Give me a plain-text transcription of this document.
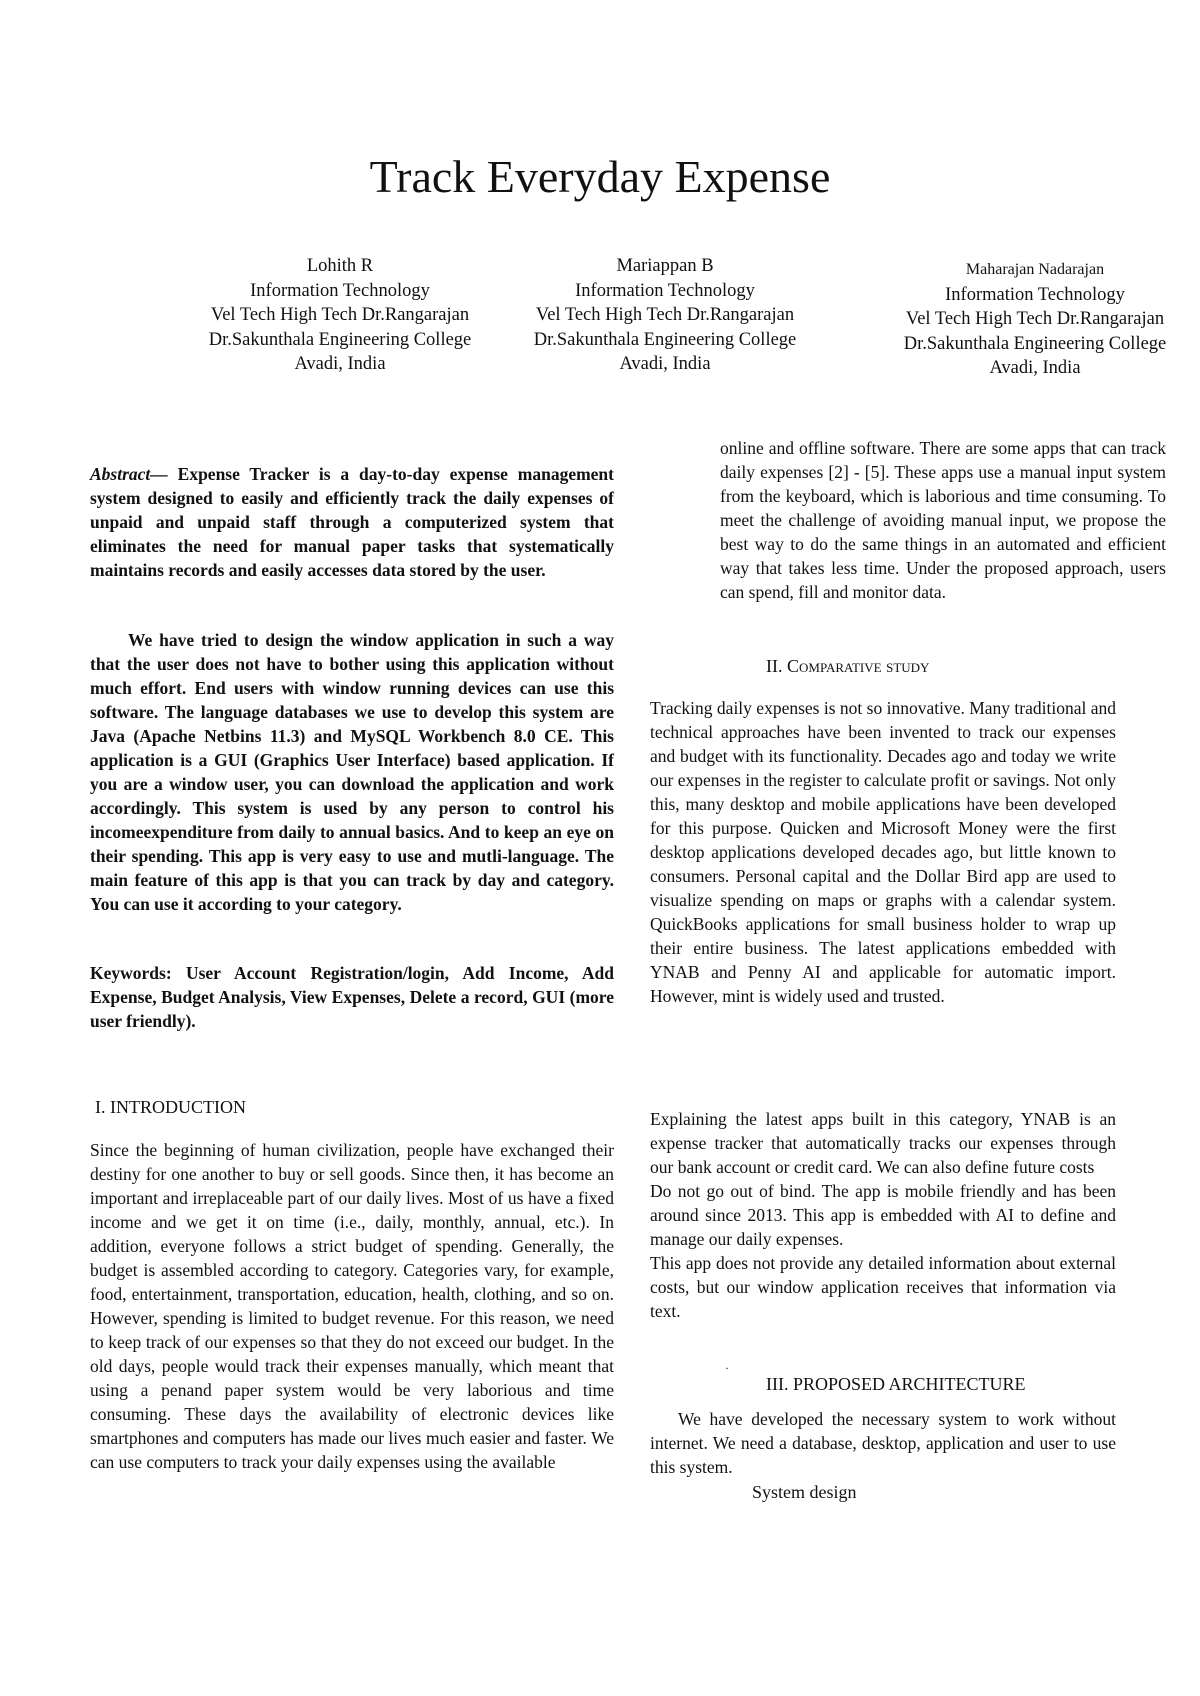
Track Everyday Expense
Lohith R
Information Technology
Vel Tech High Tech Dr.Rangarajan
Dr.Sakunthala Engineering College
Avadi, India
Mariappan B
Information Technology
Vel Tech High Tech Dr.Rangarajan
Dr.Sakunthala Engineering College
Avadi, India
Maharajan Nadarajan
Information Technology
Vel Tech High Tech Dr.Rangarajan
Dr.Sakunthala Engineering College
Avadi, India

Abstract— Expense Tracker is a day-to-day expense management system designed to easily and efficiently track the daily expenses of unpaid and unpaid staff through a computerized system that eliminates the need for manual paper tasks that systematically maintains records and easily accesses data stored by the user.

We have tried to design the window application in such a way that the user does not have to bother using this application without much effort. End users with window running devices can use this software. The language databases we use to develop this system are Java (Apache Netbins 11.3) and MySQL Workbench 8.0 CE. This application is a GUI (Graphics User Interface) based application. If you are a window user, you can download the application and work accordingly. This system is used by any person to control his incomeexpenditure from daily to annual basics. And to keep an eye on their spending. This app is very easy to use and mutli-language. The main feature of this app is that you can track by day and category. You can use it according to your category.

Keywords: User Account Registration/login, Add Income, Add Expense, Budget Analysis, View Expenses, Delete a record, GUI (more user friendly).

I. INTRODUCTION

Since the beginning of human civilization, people have exchanged their destiny for one another to buy or sell goods. Since then, it has become an important and irreplaceable part of our daily lives. Most of us have a fixed income and we get it on time (i.e., daily, monthly, annual, etc.). In addition, everyone follows a strict budget of spending. Generally, the budget is assembled according to category. Categories vary, for example, food, entertainment, transportation, education, health, clothing, and so on. However, spending is limited to budget revenue. For this reason, we need to keep track of our expenses so that they do not exceed our budget. In the old days, people would track their expenses manually, which meant that using a penand paper system would be very laborious and time consuming. These days the availability of electronic devices like smartphones and computers has made our lives much easier and faster. We can use computers to track your daily expenses using the available

online and offline software. There are some apps that can track daily expenses [2] - [5]. These apps use a manual input system from the keyboard, which is laborious and time consuming. To meet the challenge of avoiding manual input, we propose the best way to do the same things in an automated and efficient way that takes less time. Under the proposed approach, users can spend, fill and monitor data.

II. Comparative study

Tracking daily expenses is not so innovative. Many traditional and technical approaches have been invented to track our expenses and budget with its functionality. Decades ago and today we write our expenses in the register to calculate profit or savings. Not only this, many desktop and mobile applications have been developed for this purpose. Quicken and Microsoft Money were the first desktop applications developed decades ago, but little known to consumers. Personal capital and the Dollar Bird app are used to visualize spending on maps or graphs with a calendar system. QuickBooks applications for small business holder to wrap up their entire business. The latest applications embedded with YNAB and Penny AI and applicable for automatic import. However, mint is widely used and trusted.

Explaining the latest apps built in this category, YNAB is an expense tracker that automatically tracks our expenses through our bank account or credit card. We can also define future costs

Do not go out of bind. The app is mobile friendly and has been around since 2013. This app is embedded with AI to define and manage our daily expenses.

This app does not provide any detailed information about external costs, but our window application receives that information via text.

·
III. PROPOSED ARCHITECTURE

We have developed the necessary system to work without internet. We need a database, desktop, application and user to use this system.

System design
